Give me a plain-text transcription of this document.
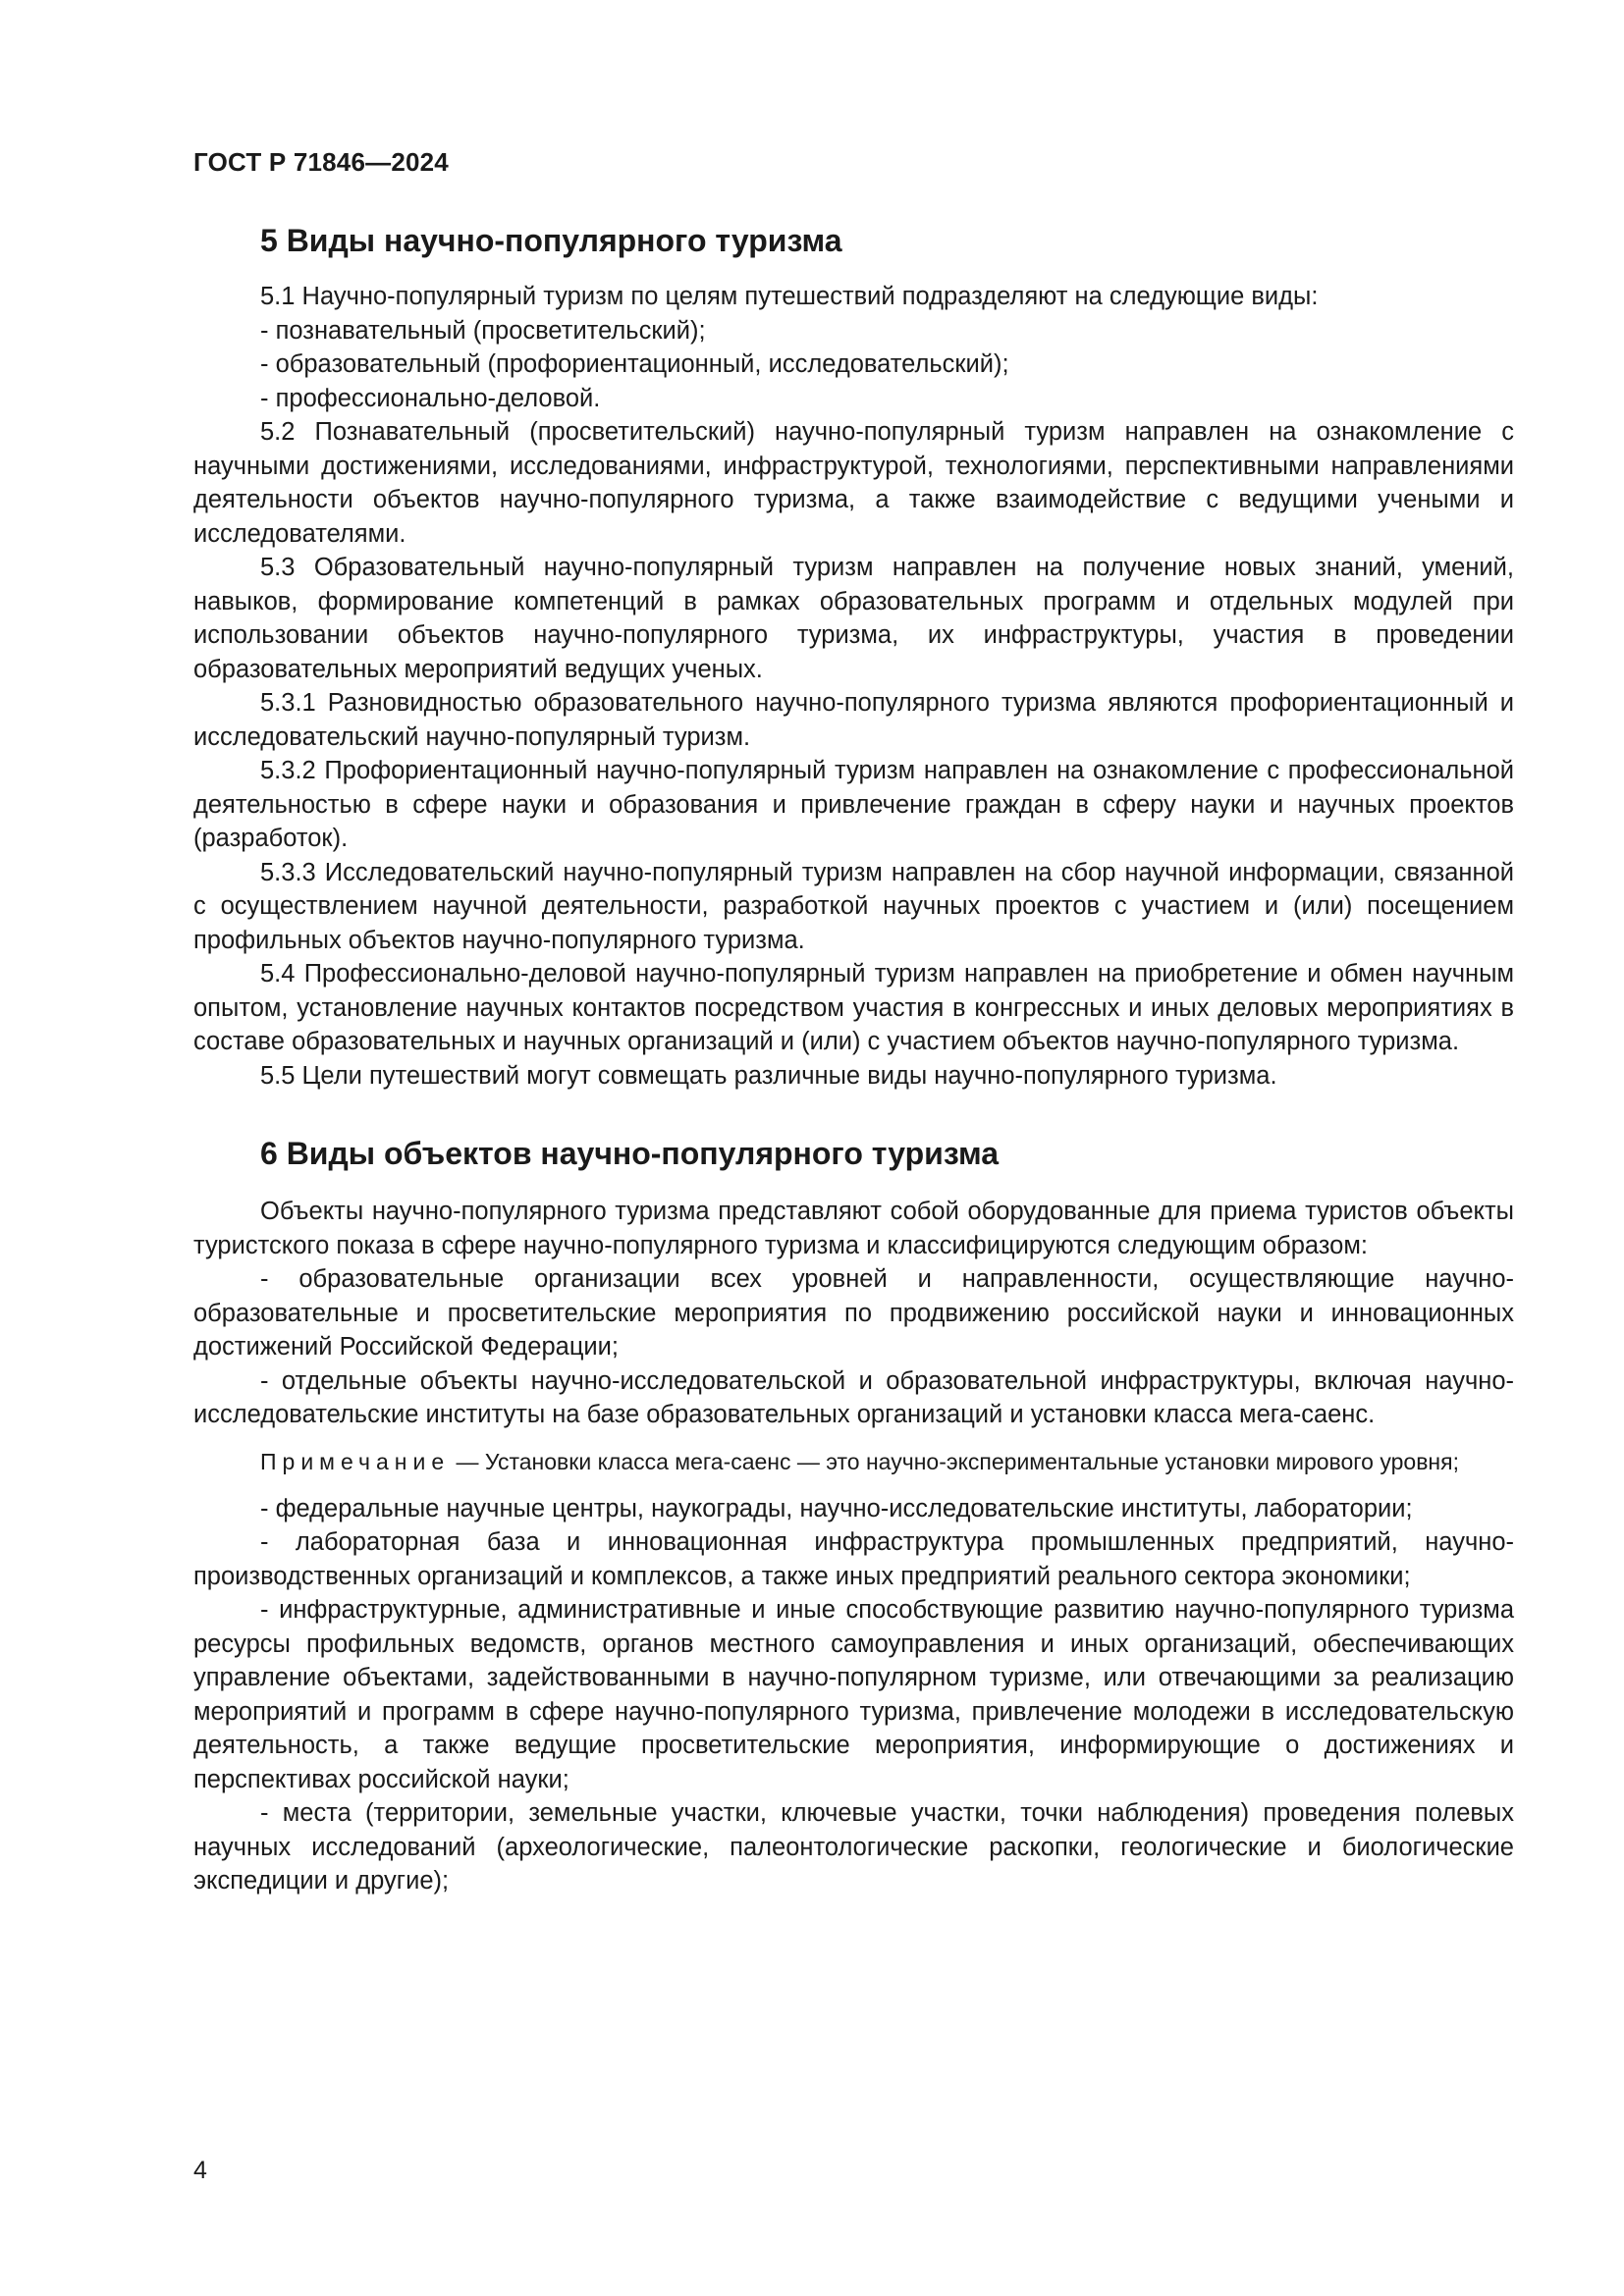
ГОСТ Р 71846—2024
5 Виды научно-популярного туризма

5.1 Научно-популярный туризм по целям путешествий подразделяют на следующие виды:

- познавательный (просветительский);

- образовательный (профориентационный, исследовательский);

- профессионально-деловой.

5.2 Познавательный (просветительский) научно-популярный туризм направлен на ознакомление с научными достижениями, исследованиями, инфраструктурой, технологиями, перспективными направлениями деятельности объектов научно-популярного туризма, а также взаимодействие с ведущими учеными и исследователями.

5.3 Образовательный научно-популярный туризм направлен на получение новых знаний, умений, навыков, формирование компетенций в рамках образовательных программ и отдельных модулей при использовании объектов научно-популярного туризма, их инфраструктуры, участия в проведении образовательных мероприятий ведущих ученых.

5.3.1 Разновидностью образовательного научно-популярного туризма являются профориентационный и исследовательский научно-популярный туризм.

5.3.2 Профориентационный научно-популярный туризм направлен на ознакомление с профессиональной деятельностью в сфере науки и образования и привлечение граждан в сферу науки и научных проектов (разработок).

5.3.3 Исследовательский научно-популярный туризм направлен на сбор научной информации, связанной с осуществлением научной деятельности, разработкой научных проектов с участием и (или) посещением профильных объектов научно-популярного туризма.

5.4 Профессионально-деловой научно-популярный туризм направлен на приобретение и обмен научным опытом, установление научных контактов посредством участия в конгрессных и иных деловых мероприятиях в составе образовательных и научных организаций и (или) с участием объектов научно-популярного туризма.

5.5 Цели путешествий могут совмещать различные виды научно-популярного туризма.

6 Виды объектов научно-популярного туризма

Объекты научно-популярного туризма представляют собой оборудованные для приема туристов объекты туристского показа в сфере научно-популярного туризма и классифицируются следующим образом:

- образовательные организации всех уровней и направленности, осуществляющие научно-образовательные и просветительские мероприятия по продвижению российской науки и инновационных достижений Российской Федерации;

- отдельные объекты научно-исследовательской и образовательной инфраструктуры, включая научно-исследовательские институты на базе образовательных организаций и установки класса мега-саенс.

Примечание — Установки класса мега-саенс — это научно-экспериментальные установки мирового уровня;

- федеральные научные центры, наукограды, научно-исследовательские институты, лаборатории;

- лабораторная база и инновационная инфраструктура промышленных предприятий, научно-производственных организаций и комплексов, а также иных предприятий реального сектора экономики;

- инфраструктурные, административные и иные способствующие развитию научно-популярного туризма ресурсы профильных ведомств, органов местного самоуправления и иных организаций, обеспечивающих управление объектами, задействованными в научно-популярном туризме, или отвечающими за реализацию мероприятий и программ в сфере научно-популярного туризма, привлечение молодежи в исследовательскую деятельность, а также ведущие просветительские мероприятия, информирующие о достижениях и перспективах российской науки;

- места (территории, земельные участки, ключевые участки, точки наблюдения) проведения полевых научных исследований (археологические, палеонтологические раскопки, геологические и биологические экспедиции и другие);

4
